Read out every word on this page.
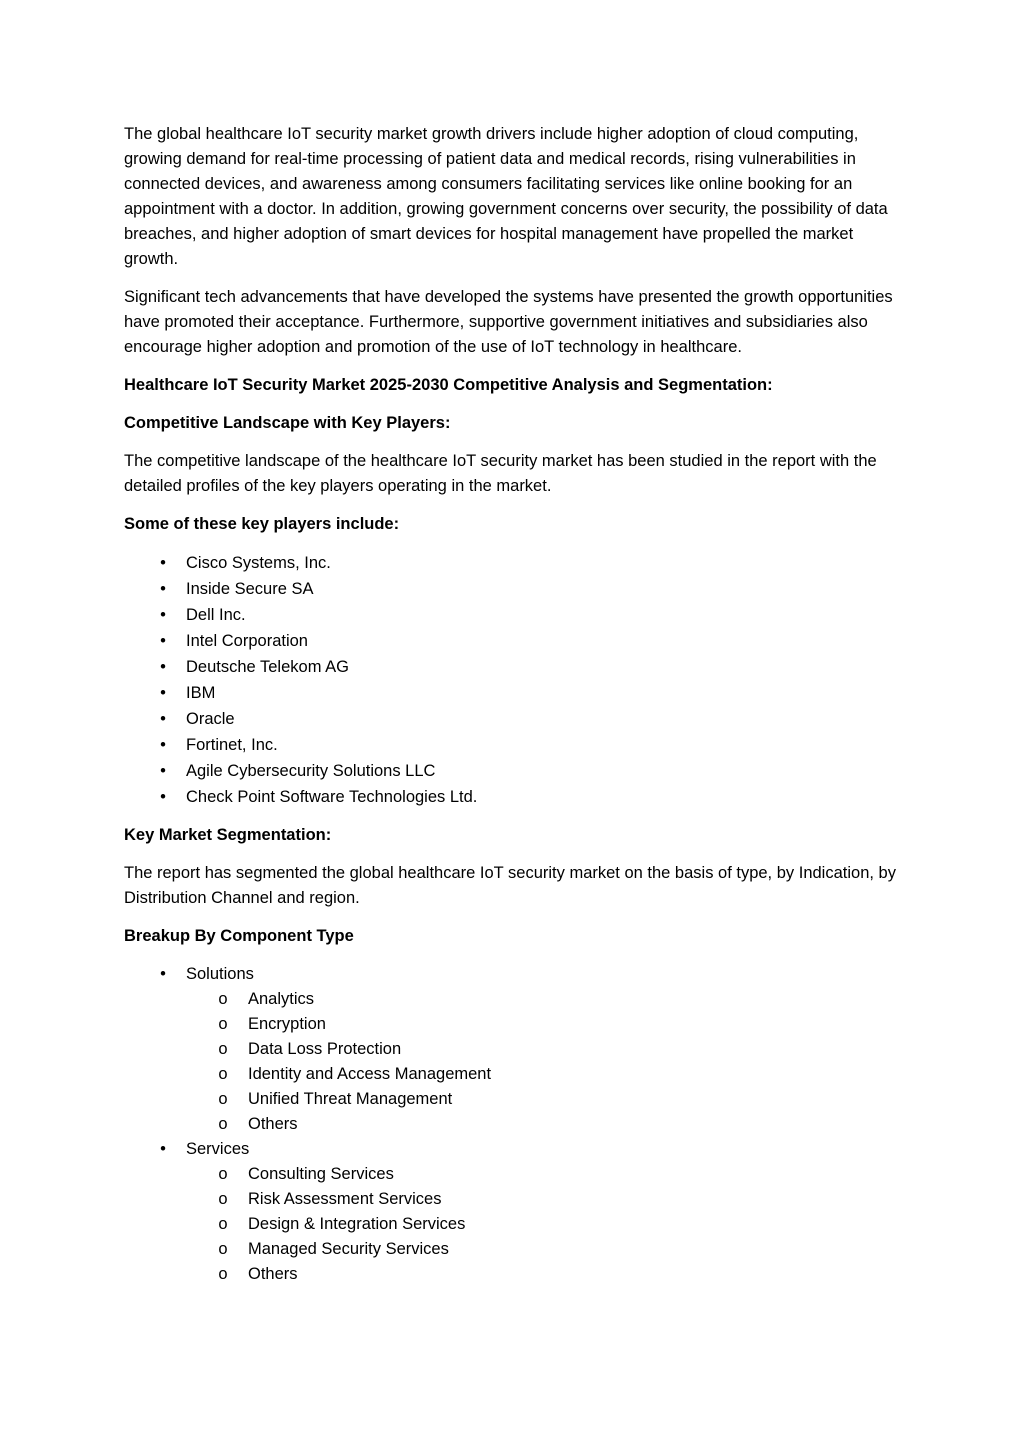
The global healthcare IoT security market growth drivers include higher adoption of cloud computing, growing demand for real-time processing of patient data and medical records, rising vulnerabilities in connected devices, and awareness among consumers facilitating services like online booking for an appointment with a doctor. In addition, growing government concerns over security, the possibility of data breaches, and higher adoption of smart devices for hospital management have propelled the market growth.

Significant tech advancements that have developed the systems have presented the growth opportunities have promoted their acceptance. Furthermore, supportive government initiatives and subsidiaries also encourage higher adoption and promotion of the use of IoT technology in healthcare.

Healthcare IoT Security Market 2025-2030 Competitive Analysis and Segmentation:

Competitive Landscape with Key Players:

The competitive landscape of the healthcare IoT security market has been studied in the report with the detailed profiles of the key players operating in the market.

Some of these key players include:

• Cisco Systems, Inc.
• Inside Secure SA
• Dell Inc.
• Intel Corporation
• Deutsche Telekom AG
• IBM
• Oracle
• Fortinet, Inc.
• Agile Cybersecurity Solutions LLC
• Check Point Software Technologies Ltd.

Key Market Segmentation:

The report has segmented the global healthcare IoT security market on the basis of type, by Indication, by Distribution Channel and region.

Breakup By Component Type

• Solutions
o Analytics
o Encryption
o Data Loss Protection
o Identity and Access Management
o Unified Threat Management
o Others
• Services
o Consulting Services
o Risk Assessment Services
o Design & Integration Services
o Managed Security Services
o Others
